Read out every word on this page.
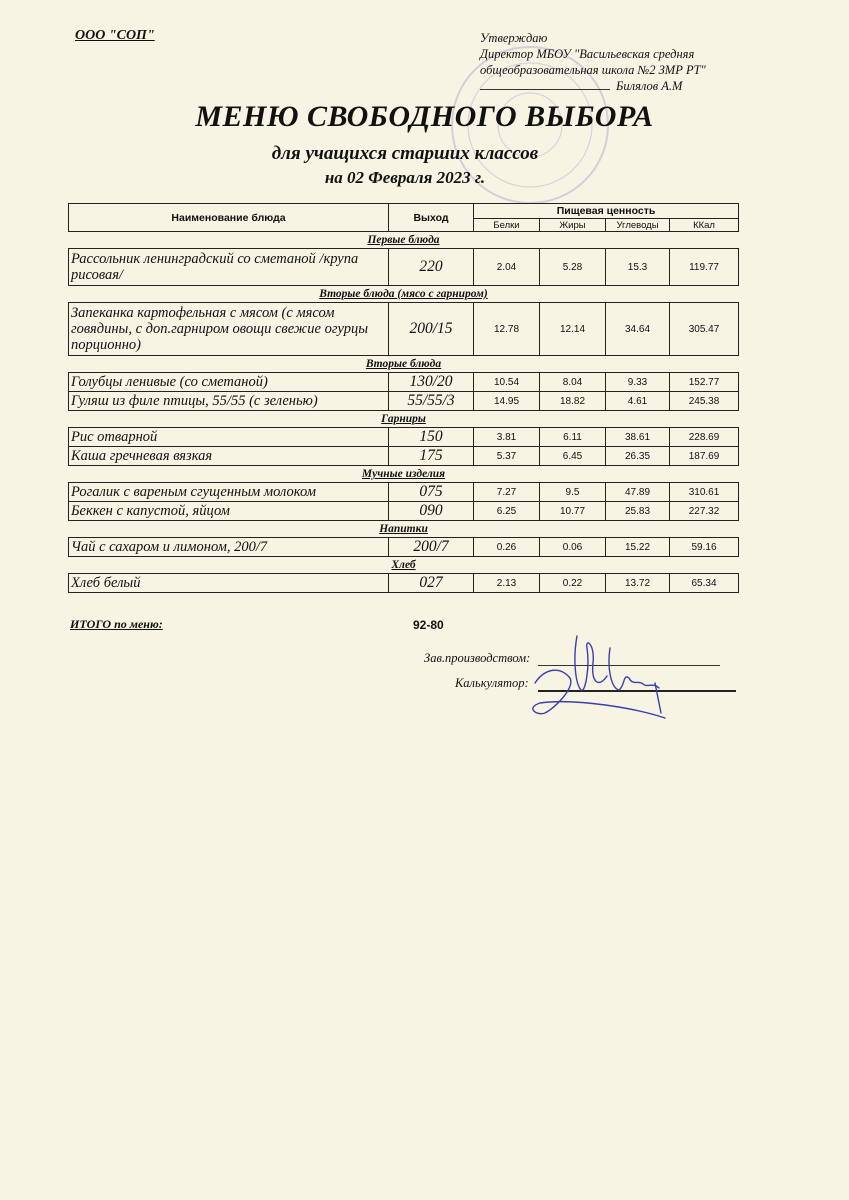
ООО "СОП"	Утверждаю
Директор МБОУ "Васильевская средняя
общеобразовательная школа №2 ЗМР РТ"
Билялов А.М
МЕНЮ СВОБОДНОГО ВЫБОРА
для учащихся старших классов
на 02 Февраля 2023 г.
Наименование блюда	Выход	Пищевая ценность			
		Белки	Жиры	Углеводы	ККал
Первые блюда					
Рассольник ленинградский со сметаной /крупа рисовая/	220	2.04	5.28	15.3	119.77
Вторые блюда (мясо с гарниром)					
Запеканка картофельная с мясом (с мясом говядины, с доп.гарниром овощи свежие огурцы порционно)	200/15	12.78	12.14	34.64	305.47
Вторые блюда					
Голубцы ленивые (со сметаной)	130/20	10.54	8.04	9.33	152.77
Гуляш из филе птицы, 55/55 (с зеленью)	55/55/3	14.95	18.82	4.61	245.38
Гарниры					
Рис отварной	150	3.81	6.11	38.61	228.69
Каша гречневая вязкая	175	5.37	6.45	26.35	187.69
Мучные изделия					
Рогалик с вареным сгущенным молоком	075	7.27	9.5	47.89	310.61
Беккен с капустой, яйцом	090	6.25	10.77	25.83	227.32
Напитки					
Чай с сахаром и лимоном, 200/7	200/7	0.26	0.06	15.22	59.16
Хлеб					
Хлеб белый	027	2.13	0.22	13.72	65.34
ИТОГО по меню:	92-80
Зав.производством:
Калькулятор:
